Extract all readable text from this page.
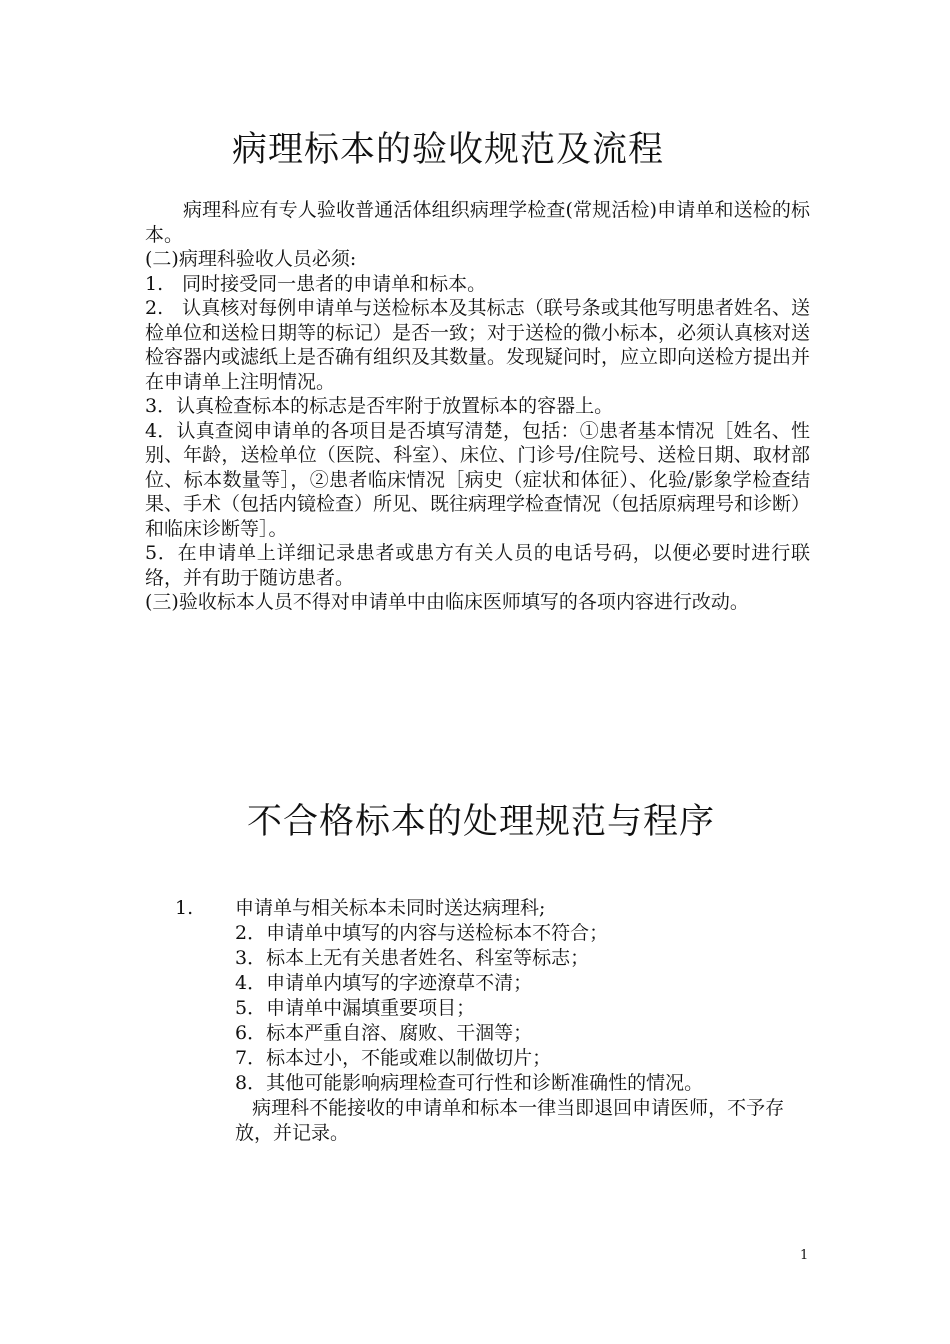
病理标本的验收规范及流程

病理科应有专人验收普通活体组织病理学检查(常规活检)申请单和送检的标本。

(二)病理科验收人员必须:

1.　同时接受同一患者的申请单和标本。

2.　认真核对每例申请单与送检标本及其标志（联号条或其他写明患者姓名、送检单位和送检日期等的标记）是否一致；对于送检的微小标本，必须认真核对送检容器内或滤纸上是否确有组织及其数量。发现疑问时，应立即向送检方提出并在申请单上注明情况。

3．认真检查标本的标志是否牢附于放置标本的容器上。

4．认真查阅申请单的各项目是否填写清楚，包括：①患者基本情况［姓名、性别、年龄，送检单位（医院、科室）、床位、门诊号/住院号、送检日期、取材部位、标本数量等］，②患者临床情况［病史（症状和体征）、化验/影象学检查结果、手术（包括内镜检查）所见、既往病理学检查情况（包括原病理号和诊断）和临床诊断等］。

5．在申请单上详细记录患者或患方有关人员的电话号码，以便必要时进行联络，并有助于随访患者。

(三)验收标本人员不得对申请单中由临床医师填写的各项内容进行改动。

不合格标本的处理规范与程序
1. 申请单与相关标本未同时送达病理科;
2．申请单中填写的内容与送检标本不符合；
3．标本上无有关患者姓名、科室等标志；
4．申请单内填写的字迹潦草不清；
5．申请单中漏填重要项目；
6．标本严重自溶、腐败、干涸等；
7．标本过小，不能或难以制做切片；
8．其他可能影响病理检查可行性和诊断准确性的情况。
病理科不能接收的申请单和标本一律当即退回申请医师，不予存放，并记录。
1
